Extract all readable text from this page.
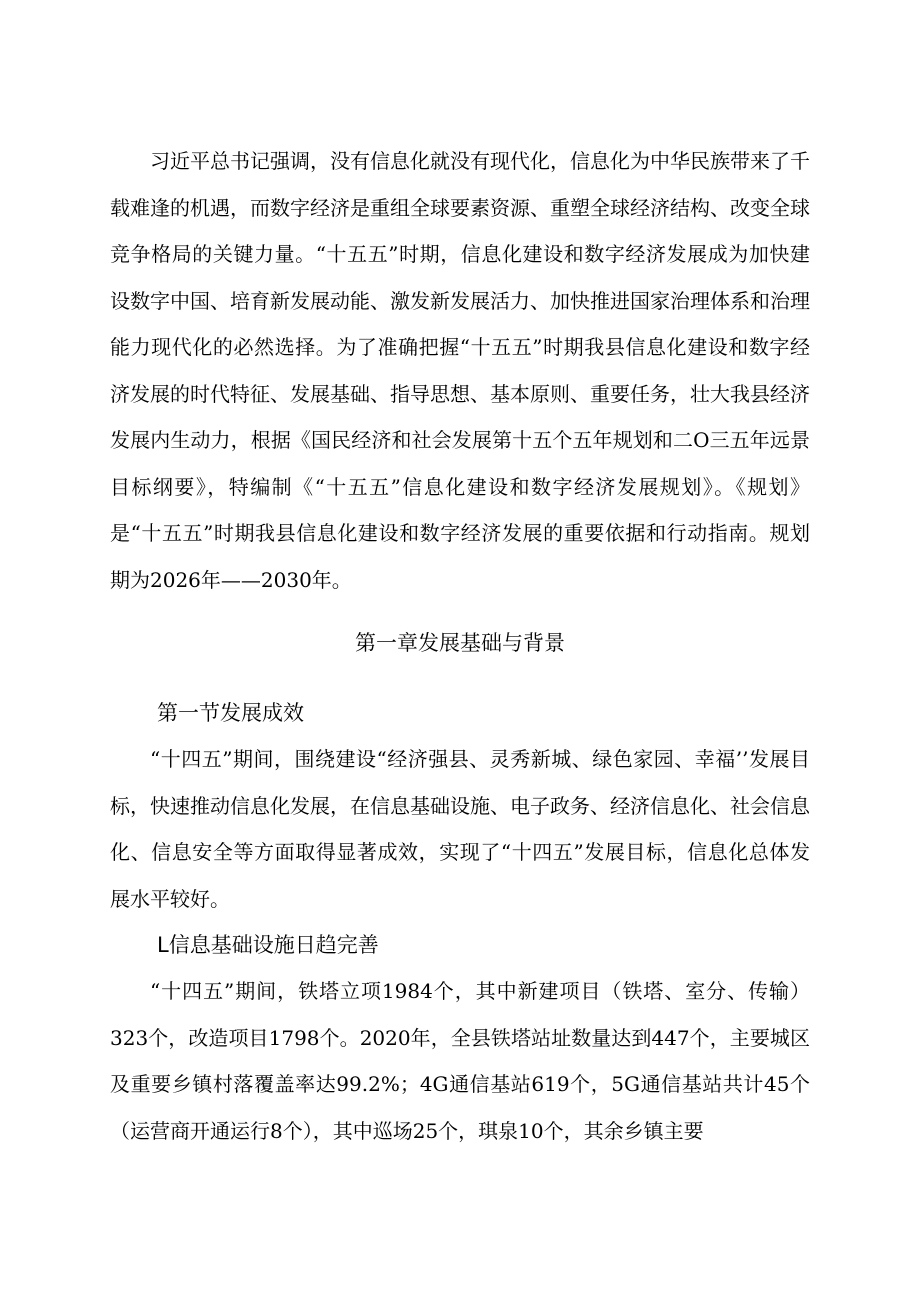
习近平总书记强调，没有信息化就没有现代化，信息化为中华民族带来了千载难逢的机遇，而数字经济是重组全球要素资源、重塑全球经济结构、改变全球竞争格局的关键力量。“十五五”时期，信息化建设和数字经济发展成为加快建设数字中国、培育新发展动能、激发新发展活力、加快推进国家治理体系和治理能力现代化的必然选择。为了准确把握“十五五”时期我县信息化建设和数字经济发展的时代特征、发展基础、指导思想、基本原则、重要任务，壮大我县经济发展内生动力，根据《国民经济和社会发展第十五个五年规划和二O三五年远景目标纲要》，特编制《“十五五”信息化建设和数字经济发展规划》。《规划》是“十五五”时期我县信息化建设和数字经济发展的重要依据和行动指南。规划期为2026年——2030年。

第一章发展基础与背景
第一节发展成效

“十四五”期间，围绕建设“经济强县、灵秀新城、绿色家园、幸福’’发展目标，快速推动信息化发展，在信息基础设施、电子政务、经济信息化、社会信息化、信息安全等方面取得显著成效，实现了“十四五”发展目标，信息化总体发展水平较好。

L信息基础设施日趋完善

“十四五”期间，铁塔立项1984个，其中新建项目（铁塔、室分、传输）323个，改造项目1798个。2020年，全县铁塔站址数量达到447个，主要城区及重要乡镇村落覆盖率达99.2%；4G通信基站619个，5G通信基站共计45个（运营商开通运行8个），其中巡场25个，琪泉10个，其余乡镇主要
